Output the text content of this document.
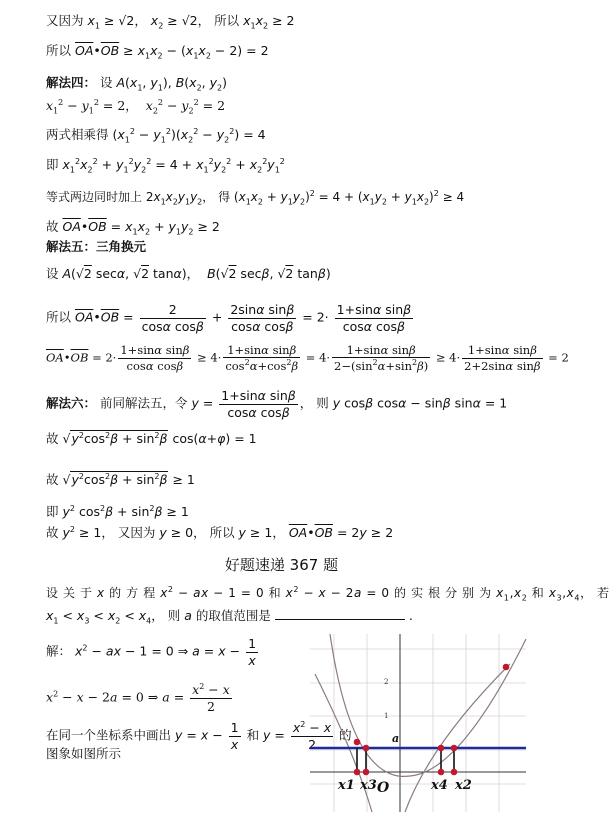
又因为 $x_1 \ge √2$， $x_2 \ge √2$， 所以 $x_1x_2 \ge 2$
所以 $\overline{OA}•\overline{OB} \ge x_1x_2 - (x_1x_2 - 2) = 2$
解法四： 设 $A(x_1$, $y_1$), $B(x_2$, $y_2$)
$x_1^2 - y_1^2 = 2$，  $x_2^2 - y_2^2 = 2$
两式相乘得 $(x_1^2 - y_1^2)(x_2^2 - y_2^2) = 4$
即 $x_1^2x_2^2 + y_1^2y_2^2 = 4 + x_1^2y_2^2 + x_2^2y_1^2$
等式两边同时加上 $2x_1x_2y_1y_2$， 得 $(x_1x_2 + y_1y_2)^2 = 4 + (x_1y_2 + y_1x_2)^2 \ge 4$
故 $\overline{OA}•\overline{OB} = x_1x_2 + y_1y_2 \ge 2$
解法五：三角换元
设 A(√2 secα, √2 tanα)，  B(√2 secβ, √2 tanβ)
所以 $\overline{OA}•\overline{OB} = \frac{2}{\text{cosα cosβ}} + \frac{\text{2sinα sinβ}}{\text{cosα cosβ}} = 2\cdot \frac{\text{1+sinα sinβ}}{\text{cosα cosβ}}$
$\overline{OA}•\overline{OB} = 2\cdot \frac{\text{1+sinα sinβ}}{\text{cosα cosβ}} \ge 4\cdot \frac{\text{1+sinα sinβ}}{\cos^2\alpha+\cos^2\beta} = 4\cdot \frac{\text{1+sinα sinβ}}{2-(\sin^2\alpha+\sin^2\beta)} \ge 4\cdot \frac{\text{1+sinα sinβ}}{\text{2+2sinα sinβ}} = 2$
解法六： 前同解法五，令 $y = \frac{\text{1+sinα sinβ}}{\text{cosα cosβ}}$ ， 则 y cosβ cosα − sinβ sinα = 1
故 $√y^2\cos^2\beta + \sin^2\beta$ cos(α+φ) = 1
故 $√y^2\cos^2\beta + \sin^2\beta \ge 1$
即 $y^2$ $\cos^2\beta + \sin^2\beta \ge 1$
故 $y^2 \ge 1$， 又因为 y ≥ 0， 所以 y ≥ 1， $\overline{OA}•\overline{OB} = 2y \ge 2$
好题速递 367 题
设 关 于 x 的 方 程 $x^2$ − ax − 1 = 0 和 $x^2 - x - 2a = 0$ 的 实 根 分 别 为 $x_1,x_2$ 和 $x_3,x_4$， 若
$x_1 < x_3 < x_2 < x_4$， 则 a 的取值范围是	.
解： $x^2$ − ax − 1 = 0 ⇒ $a = x - \frac{1}{x}$
$x^2 - x - 2a = 0$ ⇒ $a = \frac{x^2 - x}{2}$
在同一个坐标系中画出 $y = x - \frac{1}{x}$ 和 $y = \frac{x^2 - x}{2}$ 的
图象如图所示
2
1
a
x1 x3 O	x4 x2
